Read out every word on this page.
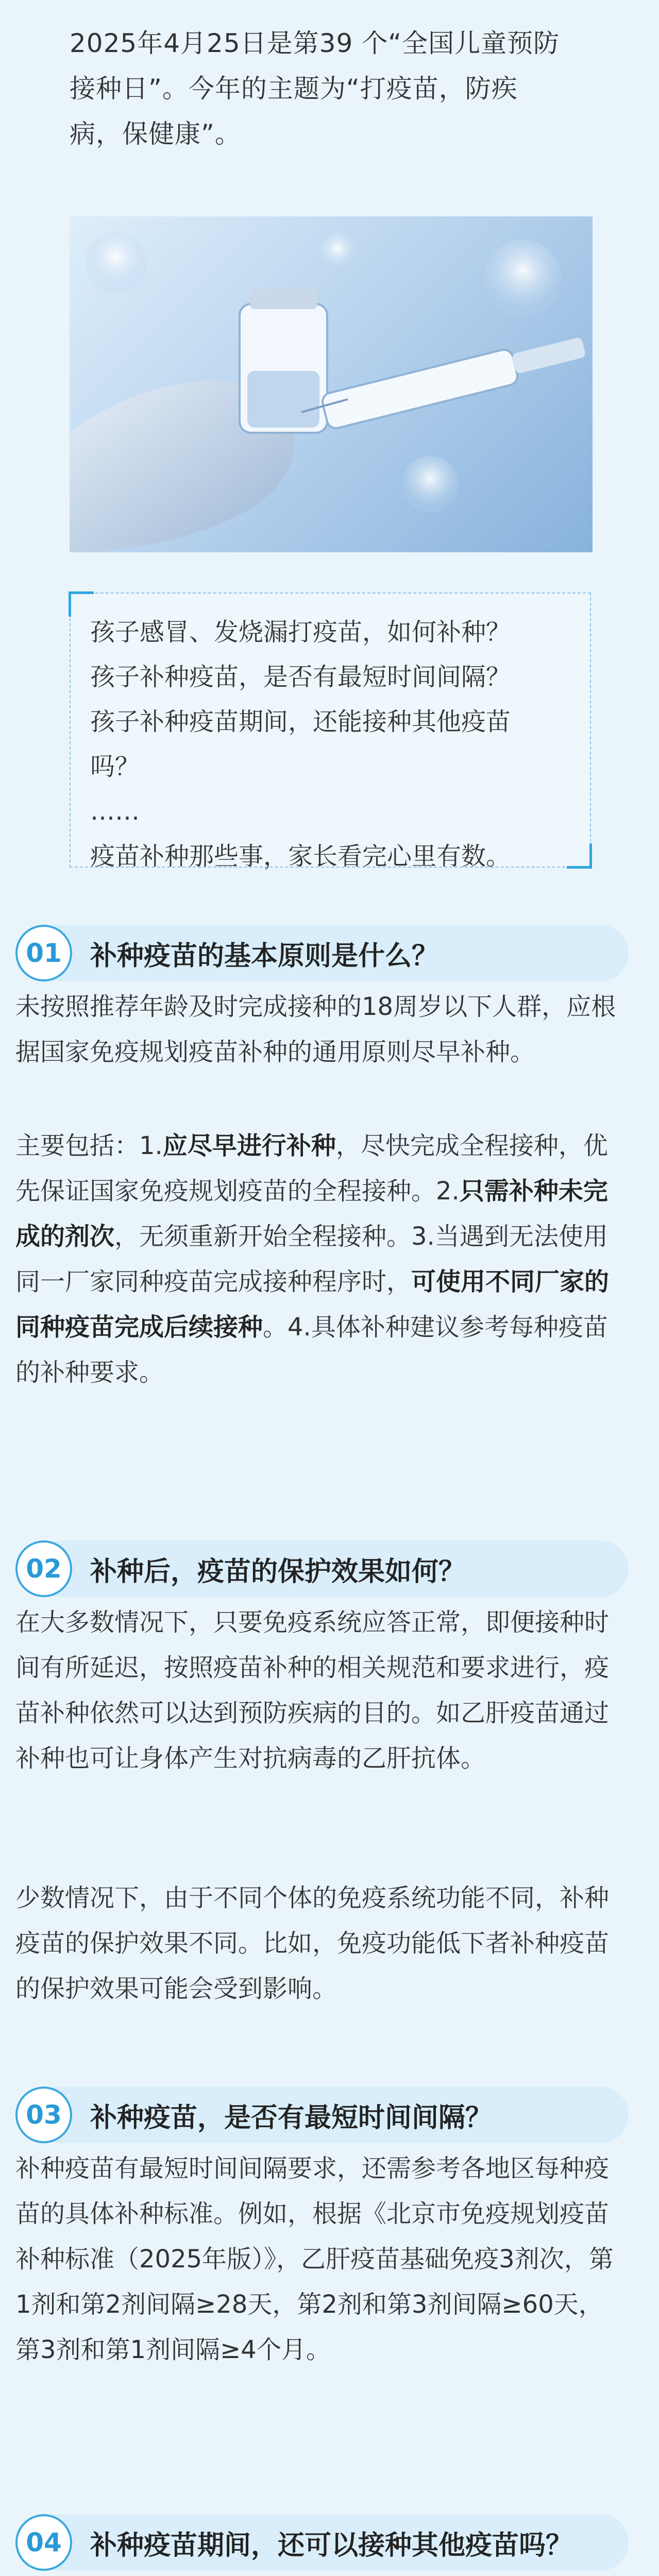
2025年4月25日是第39 个“全国儿童预防
接种日”。今年的主题为“打疫苗，防疾
病，保健康”。
孩子感冒、发烧漏打疫苗，如何补种？
孩子补种疫苗，是否有最短时间间隔？
孩子补种疫苗期间，还能接种其他疫苗
吗？
……
疫苗补种那些事，家长看完心里有数。
01	补种疫苗的基本原则是什么？
未按照推荐年龄及时完成接种的18周岁以下人群，应根据国家免疫规划疫苗补种的通用原则尽早补种。
主要包括：1.应尽早进行补种，尽快完成全程接种，优先保证国家免疫规划疫苗的全程接种。2.只需补种未完成的剂次，无须重新开始全程接种。3.当遇到无法使用同一厂家同种疫苗完成接种程序时，可使用不同厂家的同种疫苗完成后续接种。4.具体补种建议参考每种疫苗的补种要求。
02	补种后，疫苗的保护效果如何？
在大多数情况下，只要免疫系统应答正常，即便接种时间有所延迟，按照疫苗补种的相关规范和要求进行，疫苗补种依然可以达到预防疾病的目的。如乙肝疫苗通过补种也可让身体产生对抗病毒的乙肝抗体。
少数情况下，由于不同个体的免疫系统功能不同，补种疫苗的保护效果不同。比如，免疫功能低下者补种疫苗的保护效果可能会受到影响。
03	补种疫苗，是否有最短时间间隔？
补种疫苗有最短时间间隔要求，还需参考各地区每种疫苗的具体补种标准。例如，根据《北京市免疫规划疫苗补种标准（2025年版）》，乙肝疫苗基础免疫3剂次，第1剂和第2剂间隔≥28天，第2剂和第3剂间隔≥60天，第3剂和第1剂间隔≥4个月。
04	补种疫苗期间，还可以接种其他疫苗吗？
